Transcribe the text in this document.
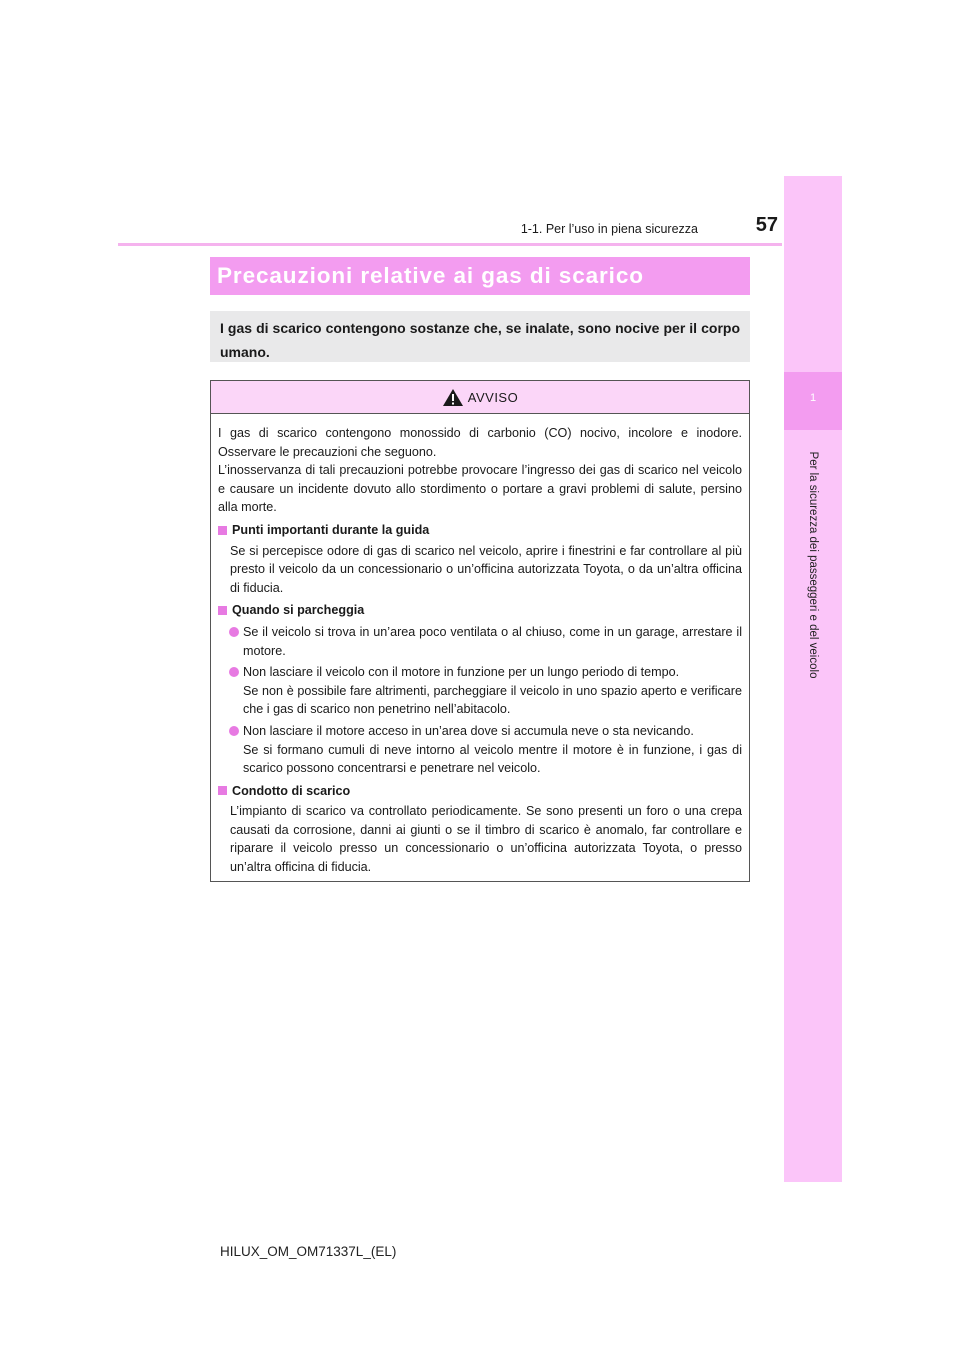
57
1-1. Per l’uso in piena sicurezza
1
Per la sicurezza dei passeggeri e del veicolo
Precauzioni relative ai gas di scarico
I gas di scarico contengono sostanze che, se inalate, sono nocive per il corpo umano.
AVVISO

I gas di scarico contengono monossido di carbonio (CO) nocivo, incolore e inodore. Osservare le precauzioni che seguono.

L’inosservanza di tali precauzioni potrebbe provocare l’ingresso dei gas di scarico nel veicolo e causare un incidente dovuto allo stordimento o portare a gravi problemi di salute, persino alla morte.

Punti importanti durante la guida

Se si percepisce odore di gas di scarico nel veicolo, aprire i finestrini e far controllare al più presto il veicolo da un concessionario o un’officina autorizzata Toyota, o da un’altra officina di fiducia.

Quando si parcheggia
Se il veicolo si trova in un’area poco ventilata o al chiuso, come in un garage, arrestare il motore.
Non lasciare il veicolo con il motore in funzione per un lungo periodo di tempo.
Se non è possibile fare altrimenti, parcheggiare il veicolo in uno spazio aperto e verificare che i gas di scarico non penetrino nell’abitacolo.
Non lasciare il motore acceso in un’area dove si accumula neve o sta nevicando.
Se si formano cumuli di neve intorno al veicolo mentre il motore è in funzione, i gas di scarico possono concentrarsi e penetrare nel veicolo.
Condotto di scarico

L’impianto di scarico va controllato periodicamente. Se sono presenti un foro o una crepa causati da corrosione, danni ai giunti o se il timbro di scarico è anomalo, far controllare e riparare il veicolo presso un concessionario o un’officina autorizzata Toyota, o presso un’altra officina di fiducia.

HILUX_OM_OM71337L_(EL)
